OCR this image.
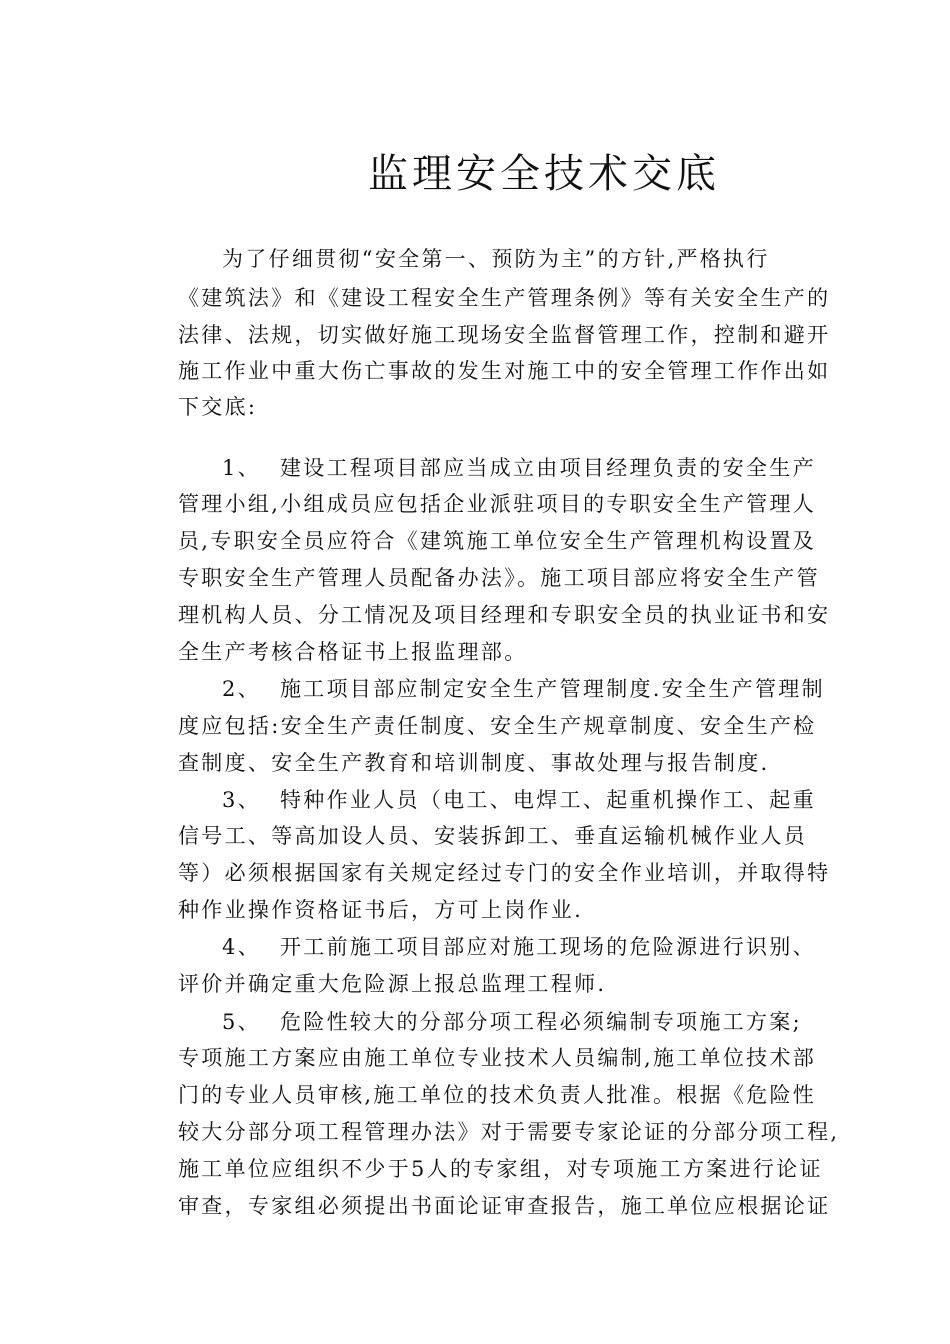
监理安全技术交底
为了仔细贯彻“安全第一、预防为主”的方针,严格执行
《建筑法》和《建设工程安全生产管理条例》等有关安全生产的
法律、法规，切实做好施工现场安全监督管理工作，控制和避开
施工作业中重大伤亡事故的发生对施工中的安全管理工作作出如
下交底:
1、 建设工程项目部应当成立由项目经理负责的安全生产
管理小组,小组成员应包括企业派驻项目的专职安全生产管理人
员,专职安全员应符合《建筑施工单位安全生产管理机构设置及
专职安全生产管理人员配备办法》。施工项目部应将安全生产管
理机构人员、分工情况及项目经理和专职安全员的执业证书和安
全生产考核合格证书上报监理部。
2、 施工项目部应制定安全生产管理制度.安全生产管理制
度应包括:安全生产责任制度、安全生产规章制度、安全生产检
查制度、安全生产教育和培训制度、事故处理与报告制度.
3、 特种作业人员（电工、电焊工、起重机操作工、起重
信号工、等高加设人员、安装拆卸工、垂直运输机械作业人员
等）必须根据国家有关规定经过专门的安全作业培训，并取得特
种作业操作资格证书后，方可上岗作业.
4、 开工前施工项目部应对施工现场的危险源进行识别、
评价并确定重大危险源上报总监理工程师.
5、 危险性较大的分部分项工程必须编制专项施工方案;
专项施工方案应由施工单位专业技术人员编制,施工单位技术部
门的专业人员审核,施工单位的技术负责人批准。根据《危险性
较大分部分项工程管理办法》对于需要专家论证的分部分项工程,
施工单位应组织不少于5人的专家组，对专项施工方案进行论证
审查，专家组必须提出书面论证审查报告，施工单位应根据论证
